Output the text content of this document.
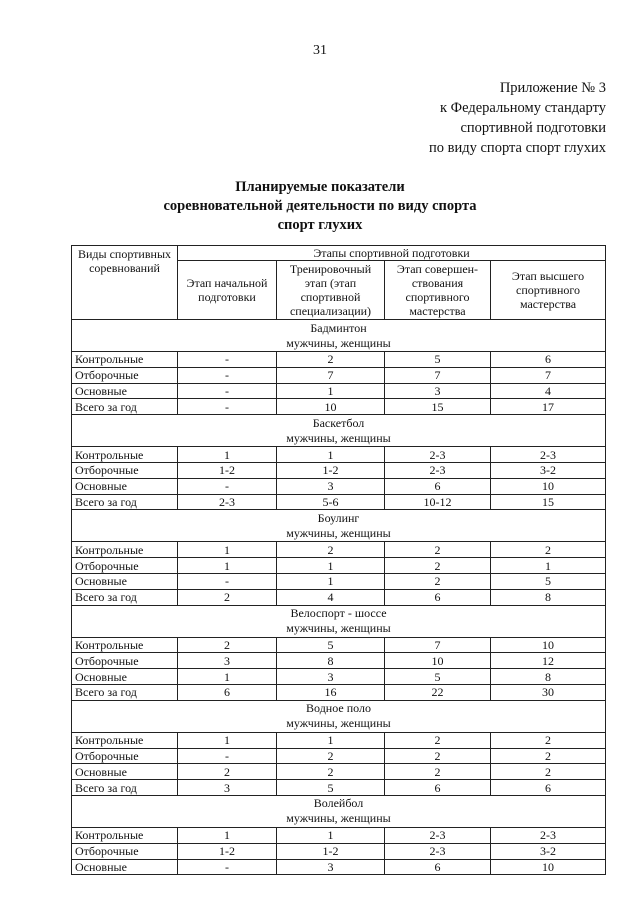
31
Приложение № 3
к Федеральному стандарту
спортивной подготовки
по виду спорта спорт глухих
Планируемые показатели
соревновательной деятельности по виду спорта
спорт глухих
Виды спортивных соревнований	Этапы спортивной подготовки			
	Этап начальной подготовки	Тренировочный этап (этап спортивной специализации)	Этап совершен-ствования спортивного мастерства	Этап высшего спортивного мастерства

Бадминтон
мужчины, женщины				

Контрольные	-	2	5	6
Отборочные	-	7	7	7
Основные	-	1	3	4
Всего за год	-	10	15	17

Баскетбол
мужчины, женщины				

Контрольные	1	1	2-3	2-3
Отборочные	1-2	1-2	2-3	3-2
Основные	-	3	6	10
Всего за год	2-3	5-6	10-12	15

Боулинг
мужчины, женщины				

Контрольные	1	2	2	2
Отборочные	1	1	2	1
Основные	-	1	2	5
Всего за год	2	4	6	8

Велоспорт - шоссе
мужчины, женщины				

Контрольные	2	5	7	10
Отборочные	3	8	10	12
Основные	1	3	5	8
Всего за год	6	16	22	30

Водное поло
мужчины, женщины				

Контрольные	1	1	2	2
Отборочные	-	2	2	2
Основные	2	2	2	2
Всего за год	3	5	6	6

Волейбол
мужчины, женщины				

Контрольные	1	1	2-3	2-3
Отборочные	1-2	1-2	2-3	3-2
Основные	-	3	6	10
